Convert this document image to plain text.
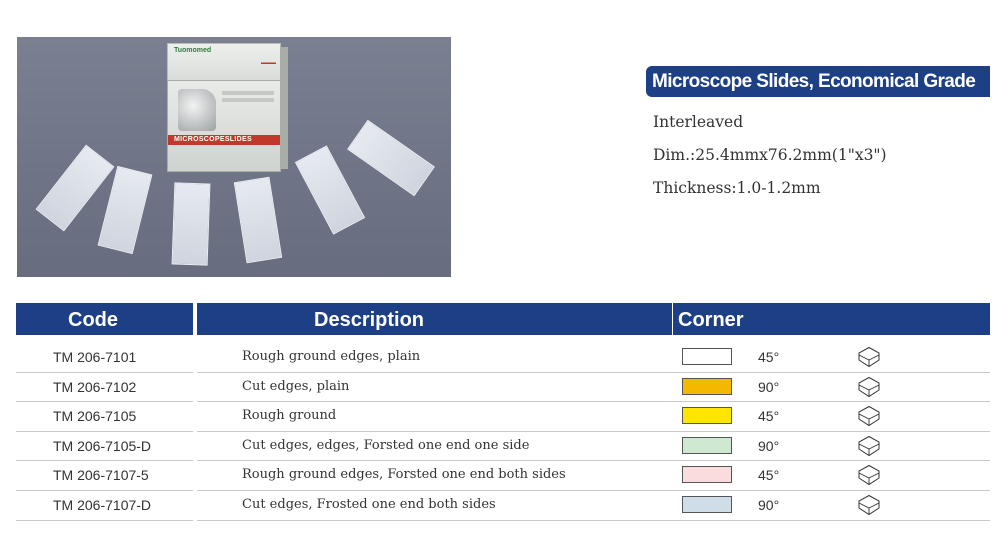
Tuomomed
▬▬▬
MICROSCOPESLIDES
Microscope Slides, Economical Grade
Interleaved
Dim.:25.4mmx76.2mm(1"x3")
Thickness:1.0-1.2mm
Code	Description	Corner
TM 206-7101	Rough ground edges, plain	45°
TM 206-7102	Cut edges, plain	90°
TM 206-7105	Rough ground	45°
TM 206-7105-D	Cut edges, edges, Forsted one end one side	90°
TM 206-7107-5	Rough ground edges, Forsted one end both sides	45°
TM 206-7107-D	Cut edges, Frosted one end both sides	90°
